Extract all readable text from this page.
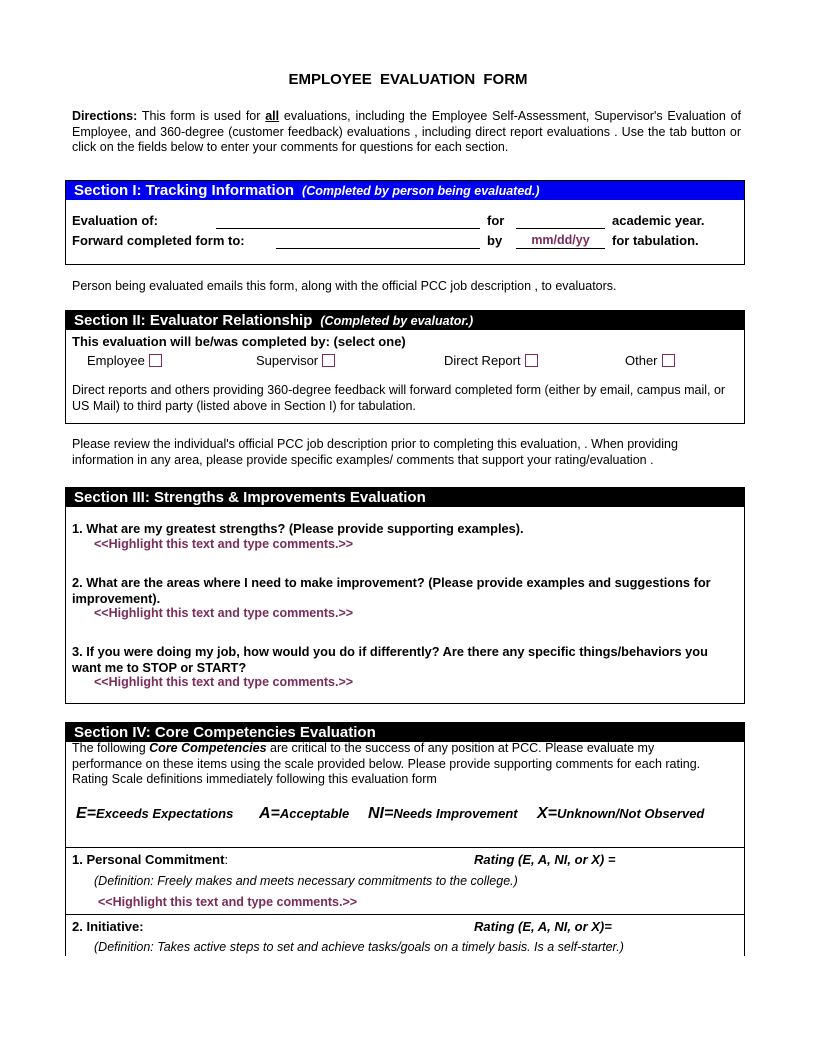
EMPLOYEE EVALUATION FORM
Directions: This form is used for all evaluations, including the Employee Self-Assessment, Supervisor's Evaluation of Employee, and 360-degree (customer feedback) evaluations , including direct report evaluations . Use the tab button or click on the fields below to enter your comments for questions for each section.
Section I: Tracking Information (Completed by person being evaluated.)
Evaluation of:	for	academic year.
Forward completed form to:	by	mm/dd/yy	for tabulation.
Person being evaluated emails this form, along with the official PCC job description , to evaluators.
Section II: Evaluator Relationship (Completed by evaluator.)
This evaluation will be/was completed by: (select one)
Employee	Supervisor	Direct Report	Other
Direct reports and others providing 360-degree feedback will forward completed form (either by email, campus mail, or US Mail) to third party (listed above in Section I) for tabulation.
Please review the individual's official PCC job description prior to completing this evaluation, . When providing information in any area, please provide specific examples/ comments that support your rating/evaluation .
Section III: Strengths & Improvements Evaluation
1. What are my greatest strengths? (Please provide supporting examples).
<<Highlight this text and type comments.>>
2. What are the areas where I need to make improvement? (Please provide examples and suggestions for improvement).
<<Highlight this text and type comments.>>
3. If you were doing my job, how would you do if differently? Are there any specific things/behaviors you want me to STOP or START?
<<Highlight this text and type comments.>>
Section IV: Core Competencies Evaluation
The following Core Competencies are critical to the success of any position at PCC. Please evaluate my performance on these items using the scale provided below. Please provide supporting comments for each rating. Rating Scale definitions immediately following this evaluation form
E=Exceeds Expectations A=Acceptable NI=Needs Improvement X=Unknown/Not Observed
1. Personal Commitment:	Rating (E, A, NI, or X) =
(Definition: Freely makes and meets necessary commitments to the college.)
<<Highlight this text and type comments.>>
2. Initiative:	Rating (E, A, NI, or X)=
(Definition: Takes active steps to set and achieve tasks/goals on a timely basis. Is a self-starter.)
